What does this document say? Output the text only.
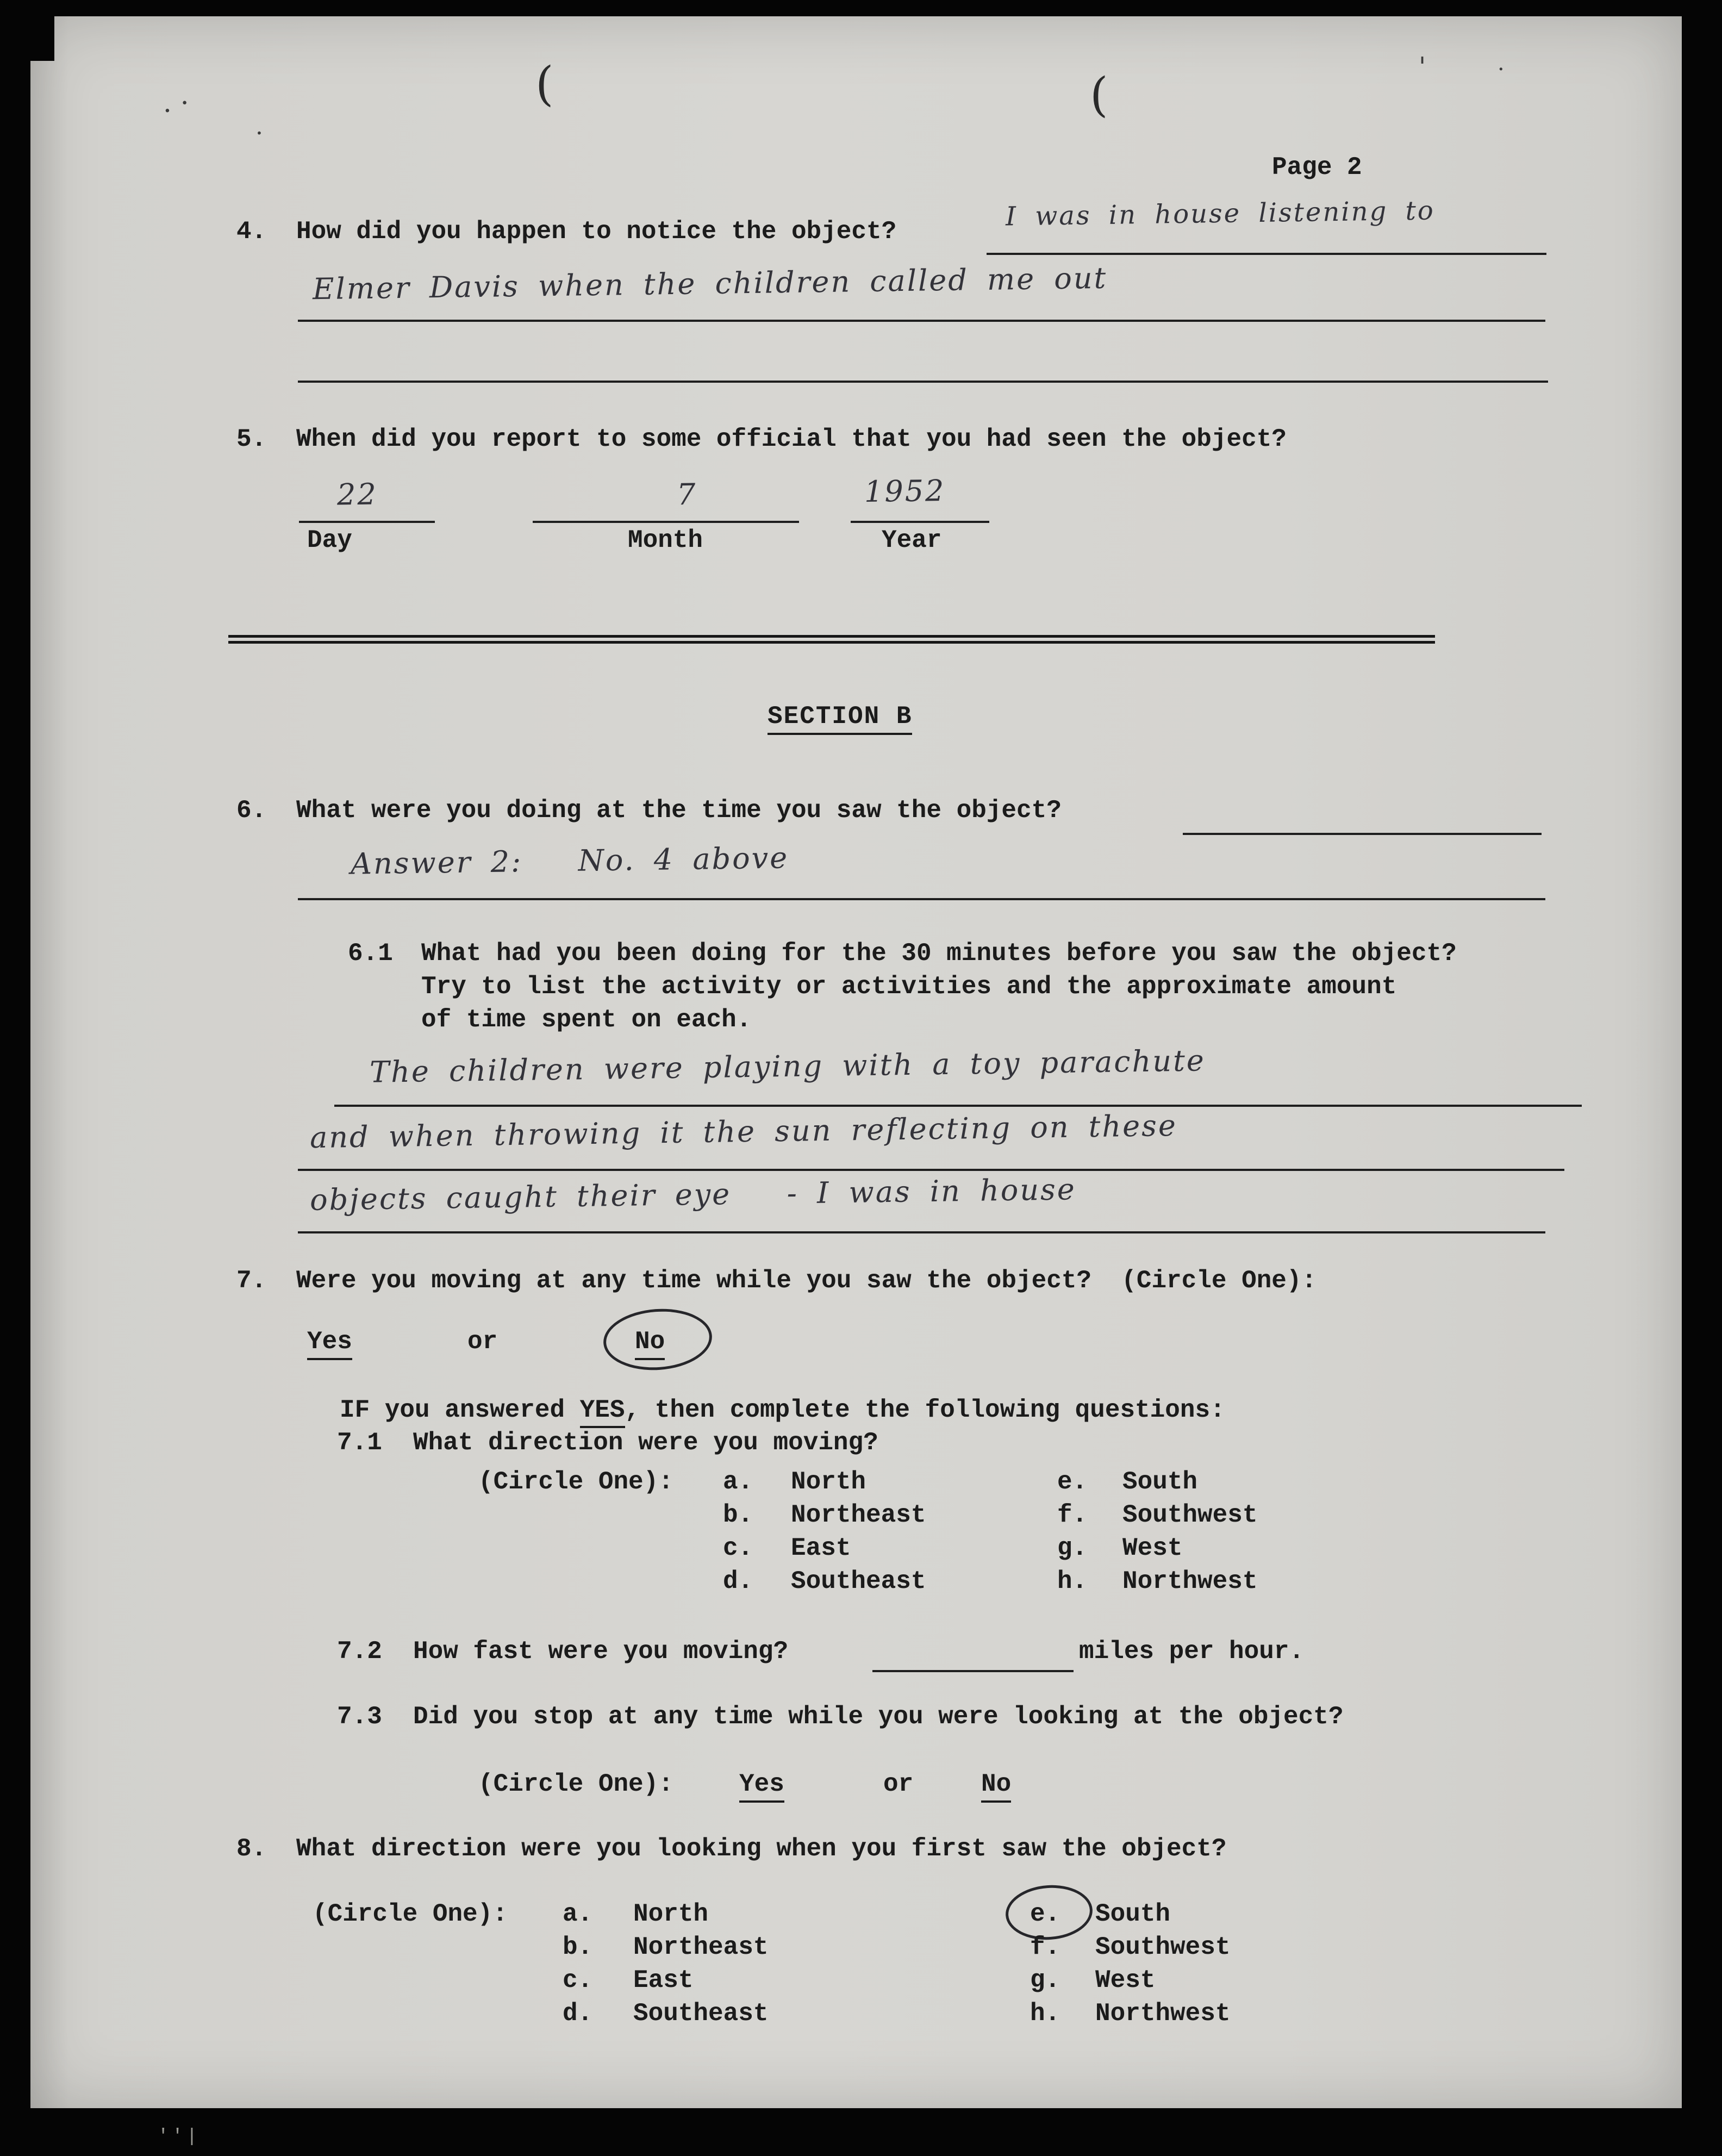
(	(
. ·
·
'	·
''|
Page 2
4. How did you happen to notice the object?	I was in house listening to
Elmer Davis when the children called me out
5. When did you report to some official that you had seen the object?
22	7	1952
Day	Month	Year
SECTION B
6. What were you doing at the time you saw the object?
Answer 2:   No. 4 above
6.1 What had you been doing for the 30 minutes before you saw the object?
Try to list the activity or activities and the approximate amount
of time spent on each.
The children were playing with a toy parachute
and when throwing it the sun reflecting on these
objects caught their eye   - I was in house
7. Were you moving at any time while you saw the object?  (Circle One):
Yes	or	No
IF you answered YES, then complete the following questions:
7.1 What direction were you moving?
(Circle One): a. North	e. South
b. Northeast	f. Southwest
c. East	g. West
d. Southeast	h. Northwest
7.2 How fast were you moving?	miles per hour.
7.3 Did you stop at any time while you were looking at the object?
(Circle One):	Yes	or	No
8. What direction were you looking when you first saw the object?
(Circle One): a. North	e. South
b. Northeast	f. Southwest
c. East	g. West
d. Southeast	h. Northwest
